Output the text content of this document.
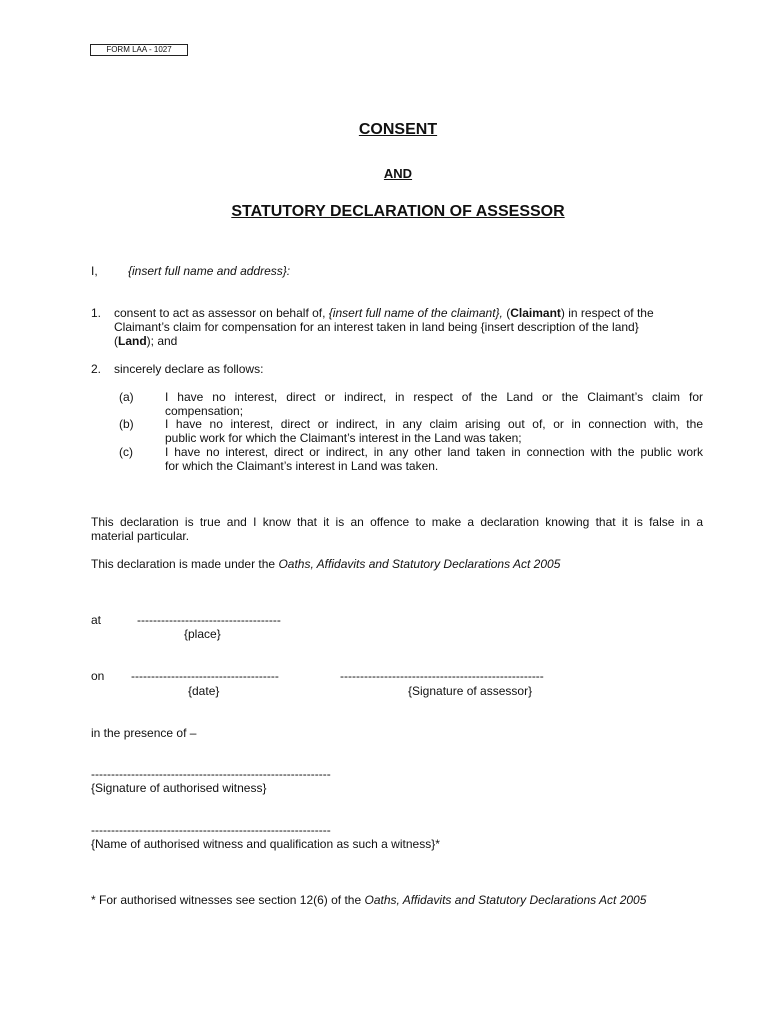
FORM LAA - 1027
CONSENT
AND
STATUTORY DECLARATION OF ASSESSOR
I,	{insert full name and address}:
1. consent to act as assessor on behalf of, {insert full name of the claimant}, (Claimant) in respect of the
Claimant’s claim for compensation for an interest taken in land being {insert description of the land}
(Land); and
2. sincerely declare as follows:
(a)	I have no interest, direct or indirect, in respect of the Land or the Claimant’s claim for
compensation;
(b)	I have no interest, direct or indirect, in any claim arising out of, or in connection with, the
public work for which the Claimant’s interest in the Land was taken;
(c)	I have no interest, direct or indirect, in any other land taken in connection with the public work
for which the Claimant’s interest in Land was taken.
This declaration is true and I know that it is an offence to make a declaration knowing that it is false in a
material particular.
This declaration is made under the Oaths, Affidavits and Statutory Declarations Act 2005
at	------------------------------------
{place}
on -------------------------------------
{date}
---------------------------------------------------
{Signature of assessor}
in the presence of –
------------------------------------------------------------
{Signature of authorised witness}
------------------------------------------------------------
{Name of authorised witness and qualification as such a witness}*
* For authorised witnesses see section 12(6) of the Oaths, Affidavits and Statutory Declarations Act 2005
